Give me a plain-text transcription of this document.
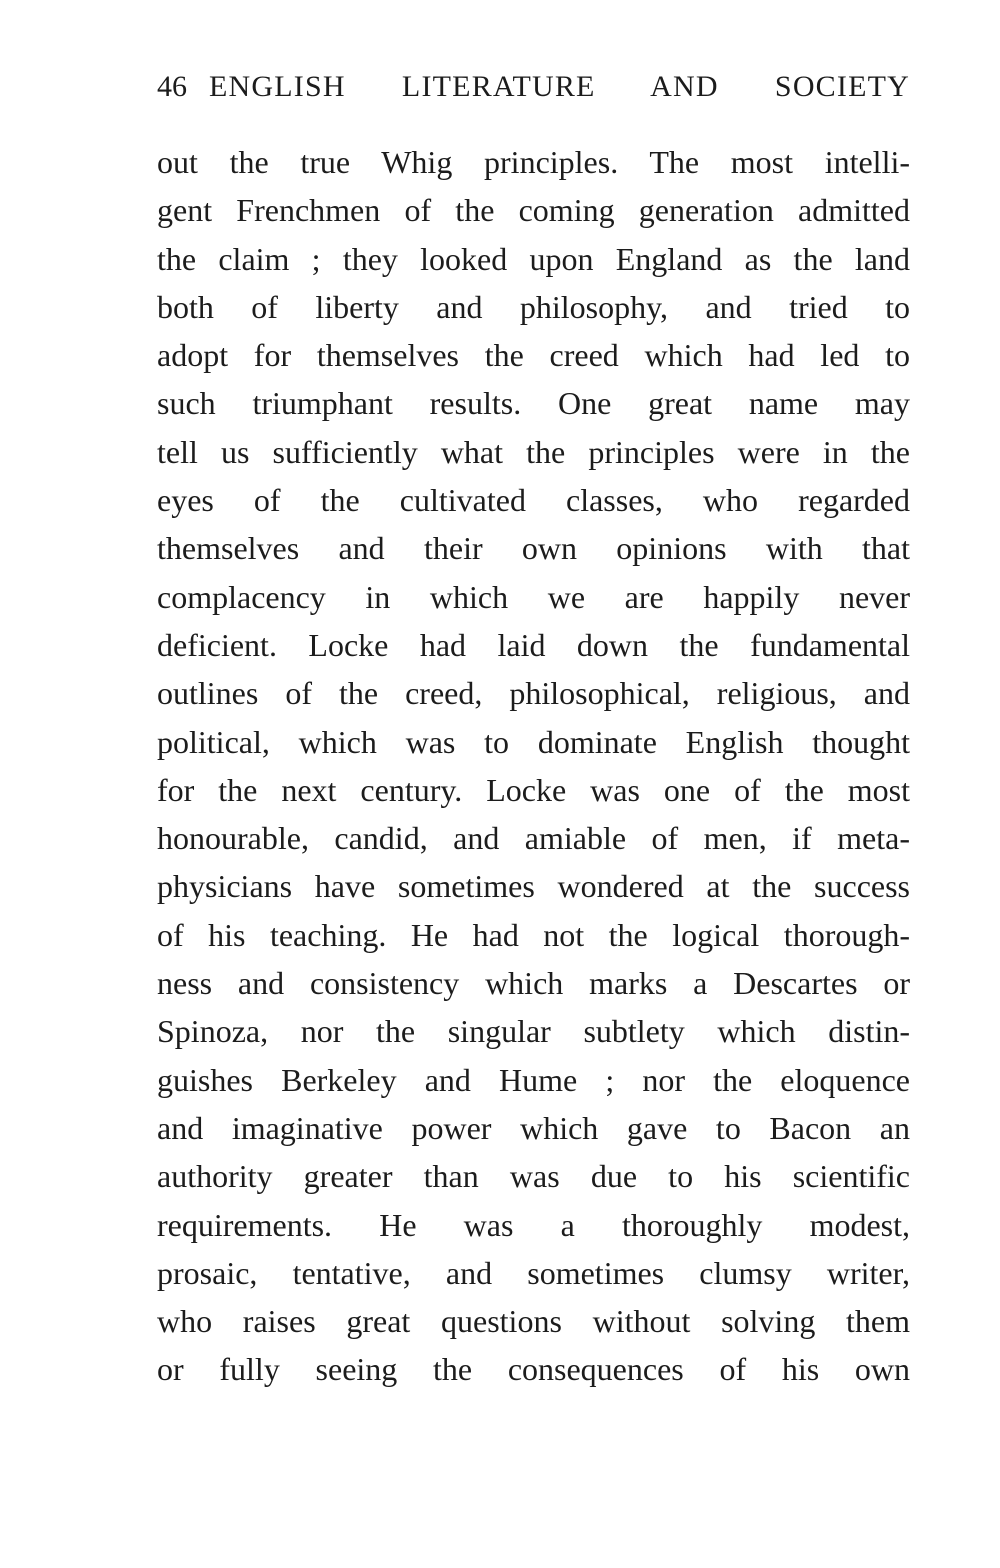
46 ENGLISH LITERATURE AND SOCIETY
out the true Whig principles. The most intelli-
gent Frenchmen of the coming generation admitted
the claim ; they looked upon England as the land
both of liberty and philosophy, and tried to
adopt for themselves the creed which had led to
such triumphant results. One great name may
tell us sufficiently what the principles were in the
eyes of the cultivated classes, who regarded
themselves and their own opinions with that
complacency in which we are happily never
deficient. Locke had laid down the fundamental
outlines of the creed, philosophical, religious, and
political, which was to dominate English thought
for the next century. Locke was one of the most
honourable, candid, and amiable of men, if meta-
physicians have sometimes wondered at the success
of his teaching. He had not the logical thorough-
ness and consistency which marks a Descartes or
Spinoza, nor the singular subtlety which distin-
guishes Berkeley and Hume ; nor the eloquence
and imaginative power which gave to Bacon an
authority greater than was due to his scientific
requirements. He was a thoroughly modest,
prosaic, tentative, and sometimes clumsy writer,
who raises great questions without solving them
or fully seeing the consequences of his own
